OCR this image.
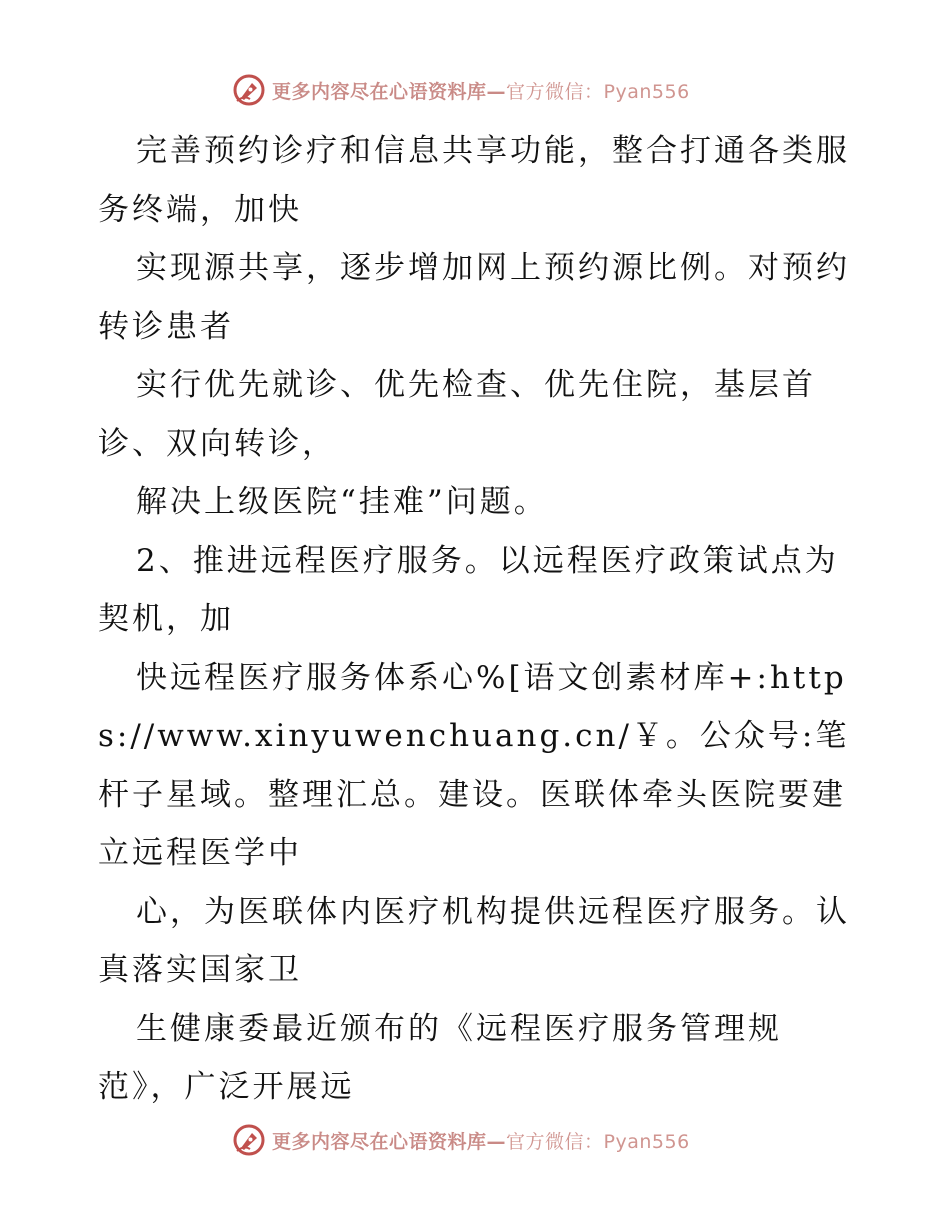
更多内容尽在心语资料库—官方微信：Pyan556

完善预约诊疗和信息共享功能，整合打通各类服务终端，加快

实现源共享，逐步增加网上预约源比例。对预约转诊患者

实行优先就诊、优先检查、优先住院，基层首诊、双向转诊，

解决上级医院“挂难”问题。

2、推进远程医疗服务。以远程医疗政策试点为契机，加

快远程医疗服务体系心%[语文创素材库+:https://www.xinyuwenchuang.cn/￥。公众号:笔杆子星域。整理汇总。建设。医联体牵头医院要建立远程医学中

心，为医联体内医疗机构提供远程医疗服务。认真落实国家卫

生健康委最近颁布的《远程医疗服务管理规范》，广泛开展远

更多内容尽在心语资料库—官方微信：Pyan556
